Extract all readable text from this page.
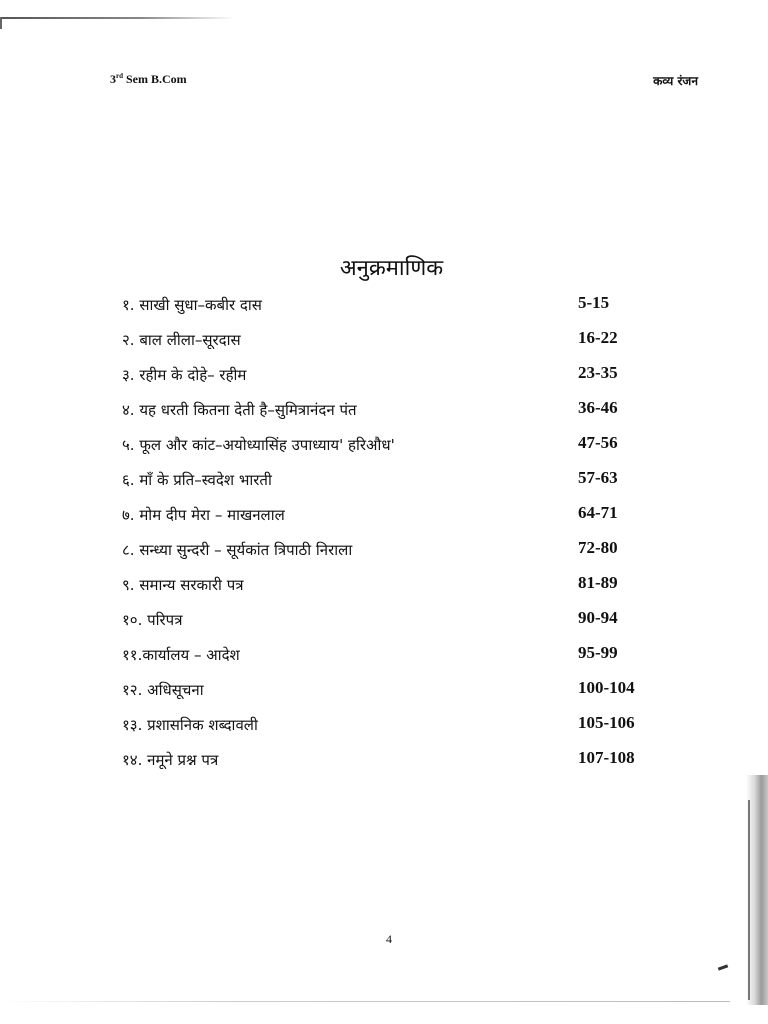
3rd Sem B.Com	कव्य रंजन
अनुक्रमाणिक
१. साखी सुधा–कबीर दास	5-15
२. बाल लीला–सूरदास	16-22
३. रहीम के दोहे– रहीम	23-35
४. यह धरती कितना देती है–सुमित्रानंदन पंत	36-46
५. फूल और कांट–अयोध्यासिंह उपाध्याय' हरिऔध'	47-56
६. माँ के प्रति–स्वदेश भारती	57-63
७. मोम दीप मेरा – माखनलाल	64-71
८. सन्ध्या सुन्दरी – सूर्यकांत त्रिपाठी निराला	72-80
९. समान्य सरकारी पत्र	81-89
१०. परिपत्र	90-94
११.कार्यालय – आदेश	95-99
१२. अधिसूचना	100-104
१३. प्रशासनिक शब्दावली	105-106
१४. नमूने प्रश्न पत्र	107-108
4
